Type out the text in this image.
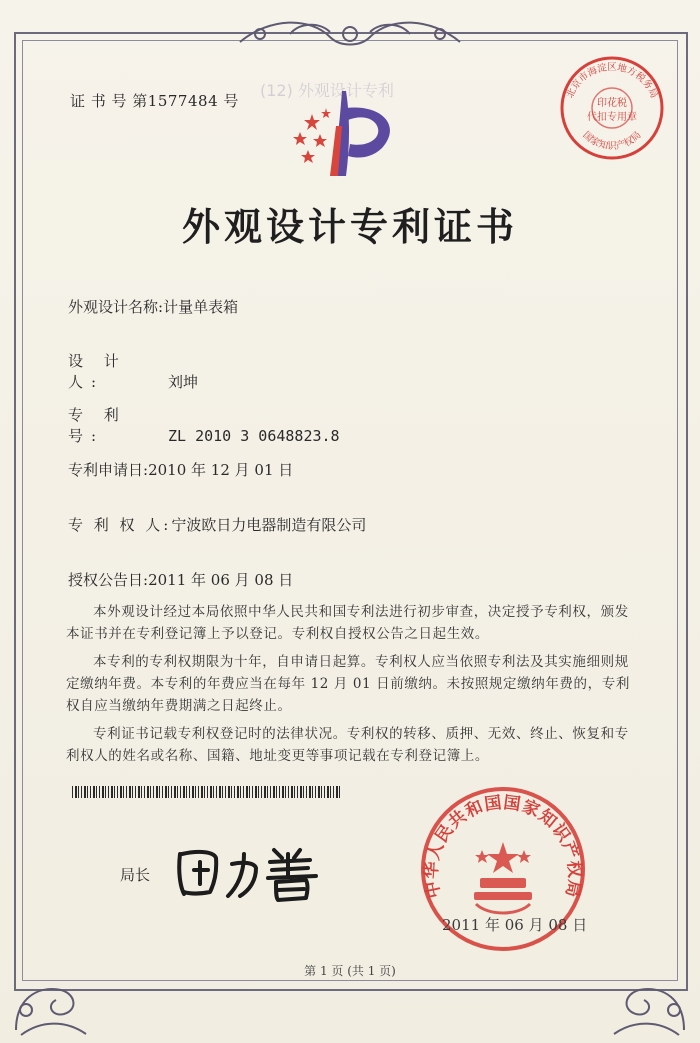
(12) 外观设计专利
证 书 号 第1577484 号	北京市海淀区地方税务局
印花税
代扣专用章
国家知识产权局
外观设计专利证书
外观设计名称:计量单表箱
设 计 人:	刘坤
专 利 号:	ZL 2010 3 0648823.8
专利申请日:2010 年 12 月 01 日
专 利 权 人:宁波欧日力电器制造有限公司
授权公告日:2011 年 06 月 08 日

本外观设计经过本局依照中华人民共和国专利法进行初步审查，决定授予专利权，颁发本证书并在专利登记簿上予以登记。专利权自授权公告之日起生效。

本专利的专利权期限为十年，自申请日起算。专利权人应当依照专利法及其实施细则规定缴纳年费。本专利的年费应当在每年 12 月 01 日前缴纳。未按照规定缴纳年费的，专利权自应当缴纳年费期满之日起终止。

专利证书记载专利权登记时的法律状况。专利权的转移、质押、无效、终止、恢复和专利权人的姓名或名称、国籍、地址变更等事项记载在专利登记簿上。

局长
中华人民共和国国家知识产权局
2011 年 06 月 08 日
第 1 页 (共 1 页)
